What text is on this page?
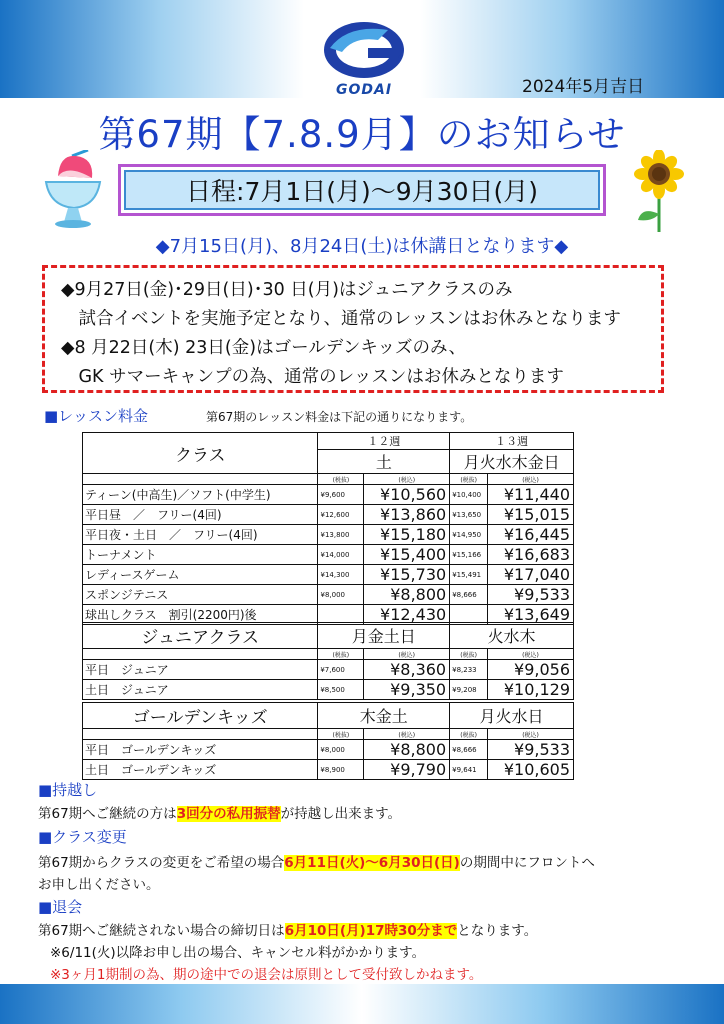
GODAI	2024年5月吉日
第67期【7.8.9月】のお知らせ
日程:7月1日(月)～9月30日(月)
◆7月15日(月)、8月24日(土)は休講日となります◆
◆9月27日(金)･29日(日)･30 日(月)はジュニアクラスのみ
　試合イベントを実施予定となり、通常のレッスンはお休みとなります
◆8 月22日(木) 23日(金)はゴールデンキッズのみ、
　GK サマーキャンプの為、通常のレッスンはお休みとなります
■レッスン料金	第67期のレッスン料金は下記の通りになります。
クラス	１２週		１３週	
	土		月火水木金日	
	(税抜)	(税込)	(税抜)	(税込)
ティーン(中高生)／ソフト(中学生)	¥9,600	¥10,560	¥10,400	¥11,440
平日昼　／　フリー(4回)	¥12,600	¥13,860	¥13,650	¥15,015
平日夜・土日　／　フリー(4回)	¥13,800	¥15,180	¥14,950	¥16,445
トーナメント	¥14,000	¥15,400	¥15,166	¥16,683
レディースゲーム	¥14,300	¥15,730	¥15,491	¥17,040
スポンジテニス	¥8,000	¥8,800	¥8,666	¥9,533
球出しクラス　割引(2200円)後		¥12,430		¥13,649
ジュニアクラス	月金土日		火水木	
	(税抜)	(税込)	(税抜)	(税込)
平日　ジュニア	¥7,600	¥8,360	¥8,233	¥9,056
土日　ジュニア	¥8,500	¥9,350	¥9,208	¥10,129
ゴールデンキッズ	木金土		月火水日	
	(税抜)	(税込)	(税抜)	(税込)
平日　ゴールデンキッズ	¥8,000	¥8,800	¥8,666	¥9,533
土日　ゴールデンキッズ	¥8,900	¥9,790	¥9,641	¥10,605
■持越し
第67期へご継続の方は3回分の私用振替が持越し出来ます。
■クラス変更
第67期からクラスの変更をご希望の場合6月11日(火)～6月30日(日)の期間中にフロントへ
お申し出ください。
■退会
第67期へご継続されない場合の締切日は6月10日(月)17時30分までとなります。
※6/11(火)以降お申し出の場合、キャンセル料がかかります。
※3ヶ月1期制の為、期の途中での退会は原則として受付致しかねます。
